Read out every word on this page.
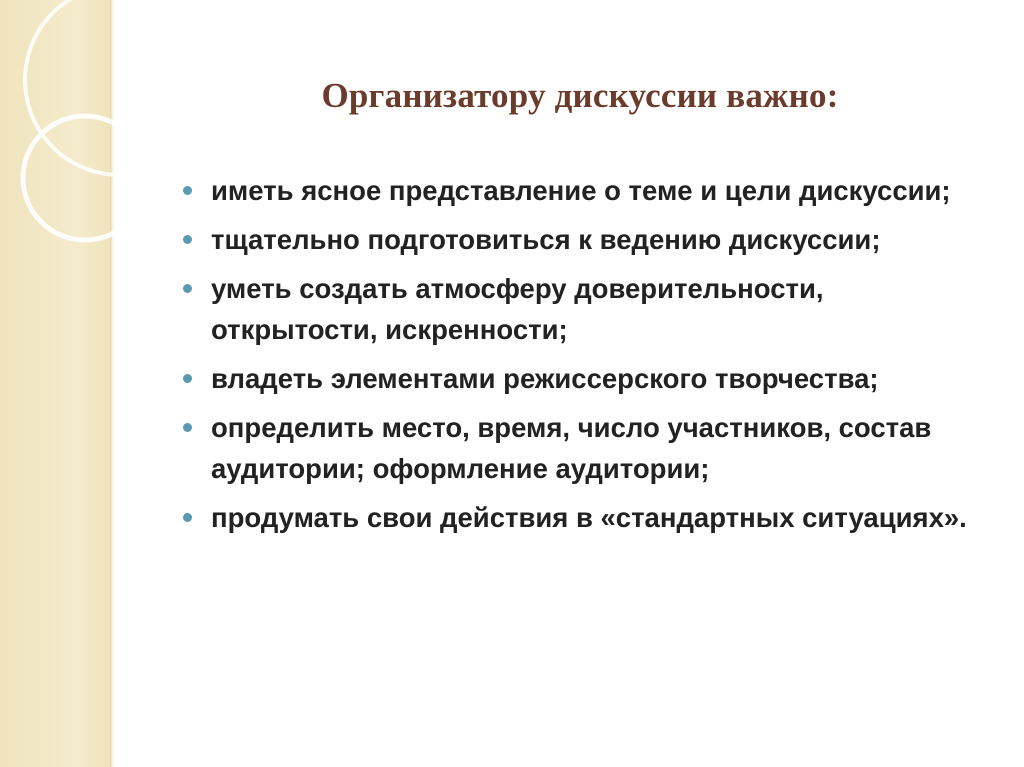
Организатору дискуссии важно:
иметь ясное представление о теме и цели дискуссии;
тщательно подготовиться к ведению дискуссии;
уметь создать атмосферу доверительности, открытости, искренности;
владеть элементами режиссерского творчества;
определить место, время, число участников, состав аудитории; оформление аудитории;
продумать свои действия в «стандартных ситуациях».
